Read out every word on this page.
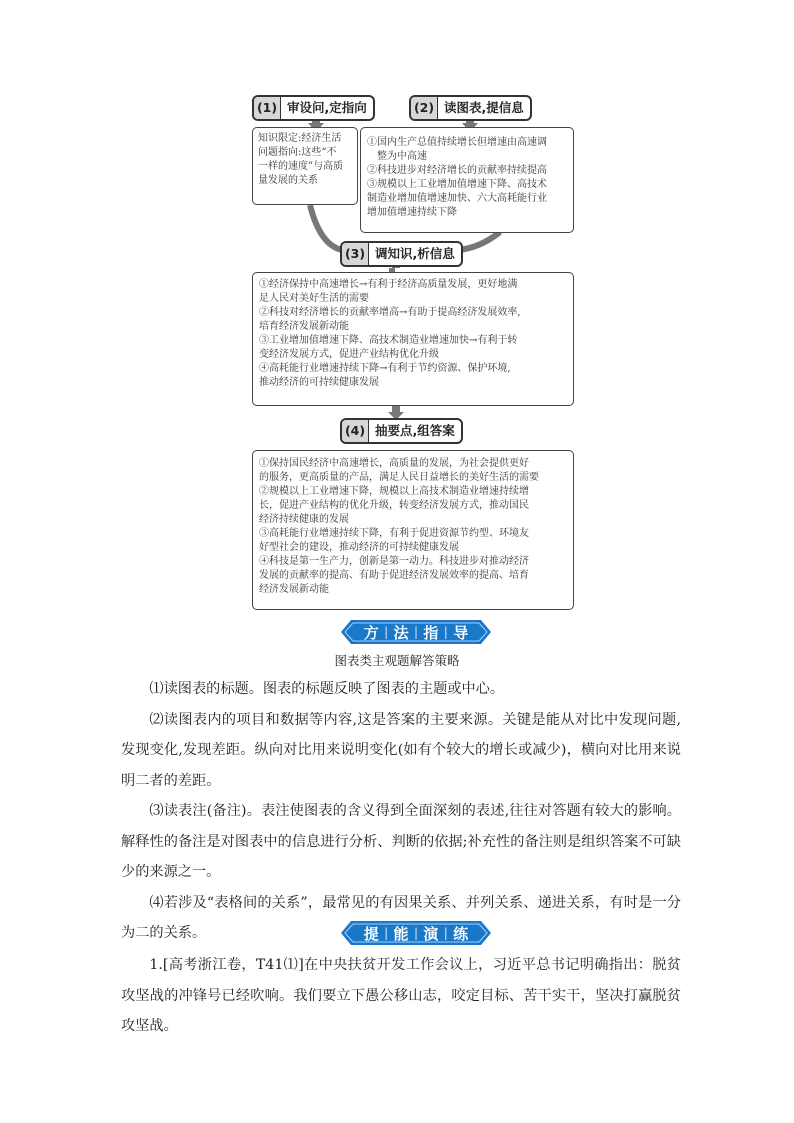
(1) 审设问,定指向	(2) 读图表,提信息
知识限定:经济生活
问题指向:这些“不
一样的速度”与高质
量发展的关系
①国内生产总值持续增长但增速由高速调
整为中高速
②科技进步对经济增长的贡献率持续提高
③规模以上工业增加值增速下降、高技术
制造业增加值增速加快、六大高耗能行业
增加值增速持续下降
(3) 调知识,析信息
①经济保持中高速增长→有利于经济高质量发展，更好地满
足人民对美好生活的需要
②科技对经济增长的贡献率增高→有助于提高经济发展效率,
培育经济发展新动能
③工业增加值增速下降、高技术制造业增速加快→有利于转
变经济发展方式，促进产业结构优化升级
④高耗能行业增速持续下降→有利于节约资源、保护环境,
推动经济的可持续健康发展
(4) 抽要点,组答案
①保持国民经济中高速增长，高质量的发展，为社会提供更好
的服务，更高质量的产品，满足人民日益增长的美好生活的需要
②规模以上工业增速下降，规模以上高技术制造业增速持续增
长，促进产业结构的优化升级，转变经济发展方式，推动国民
经济持续健康的发展
③高耗能行业增速持续下降，有利于促进资源节约型、环境友
好型社会的建设，推动经济的可持续健康发展
④科技是第一生产力，创新是第一动力。科技进步对推动经济
发展的贡献率的提高、有助于促进经济发展效率的提高、培育
经济发展新动能
方 | 法 | 指 | 导
图表类主观题解答策略

⑴读图表的标题。图表的标题反映了图表的主题或中心。

⑵读图表内的项目和数据等内容,这是答案的主要来源。关键是能从对比中发现问题,发现变化,发现差距。纵向对比用来说明变化(如有个较大的增长或减少)，横向对比用来说明二者的差距。

⑶读表注(备注)。表注使图表的含义得到全面深刻的表述,往往对答题有较大的影响。解释性的备注是对图表中的信息进行分析、判断的依据;补充性的备注则是组织答案不可缺少的来源之一。

⑷若涉及“表格间的关系”，最常见的有因果关系、并列关系、递进关系，有时是一分为二的关系。	提 | 能 | 演 | 练

1.[高考浙江卷，T41⑴]在中央扶贫开发工作会议上，习近平总书记明确指出：脱贫攻坚战的冲锋号已经吹响。我们要立下愚公移山志，咬定目标、苦干实干，坚决打赢脱贫攻坚战。
